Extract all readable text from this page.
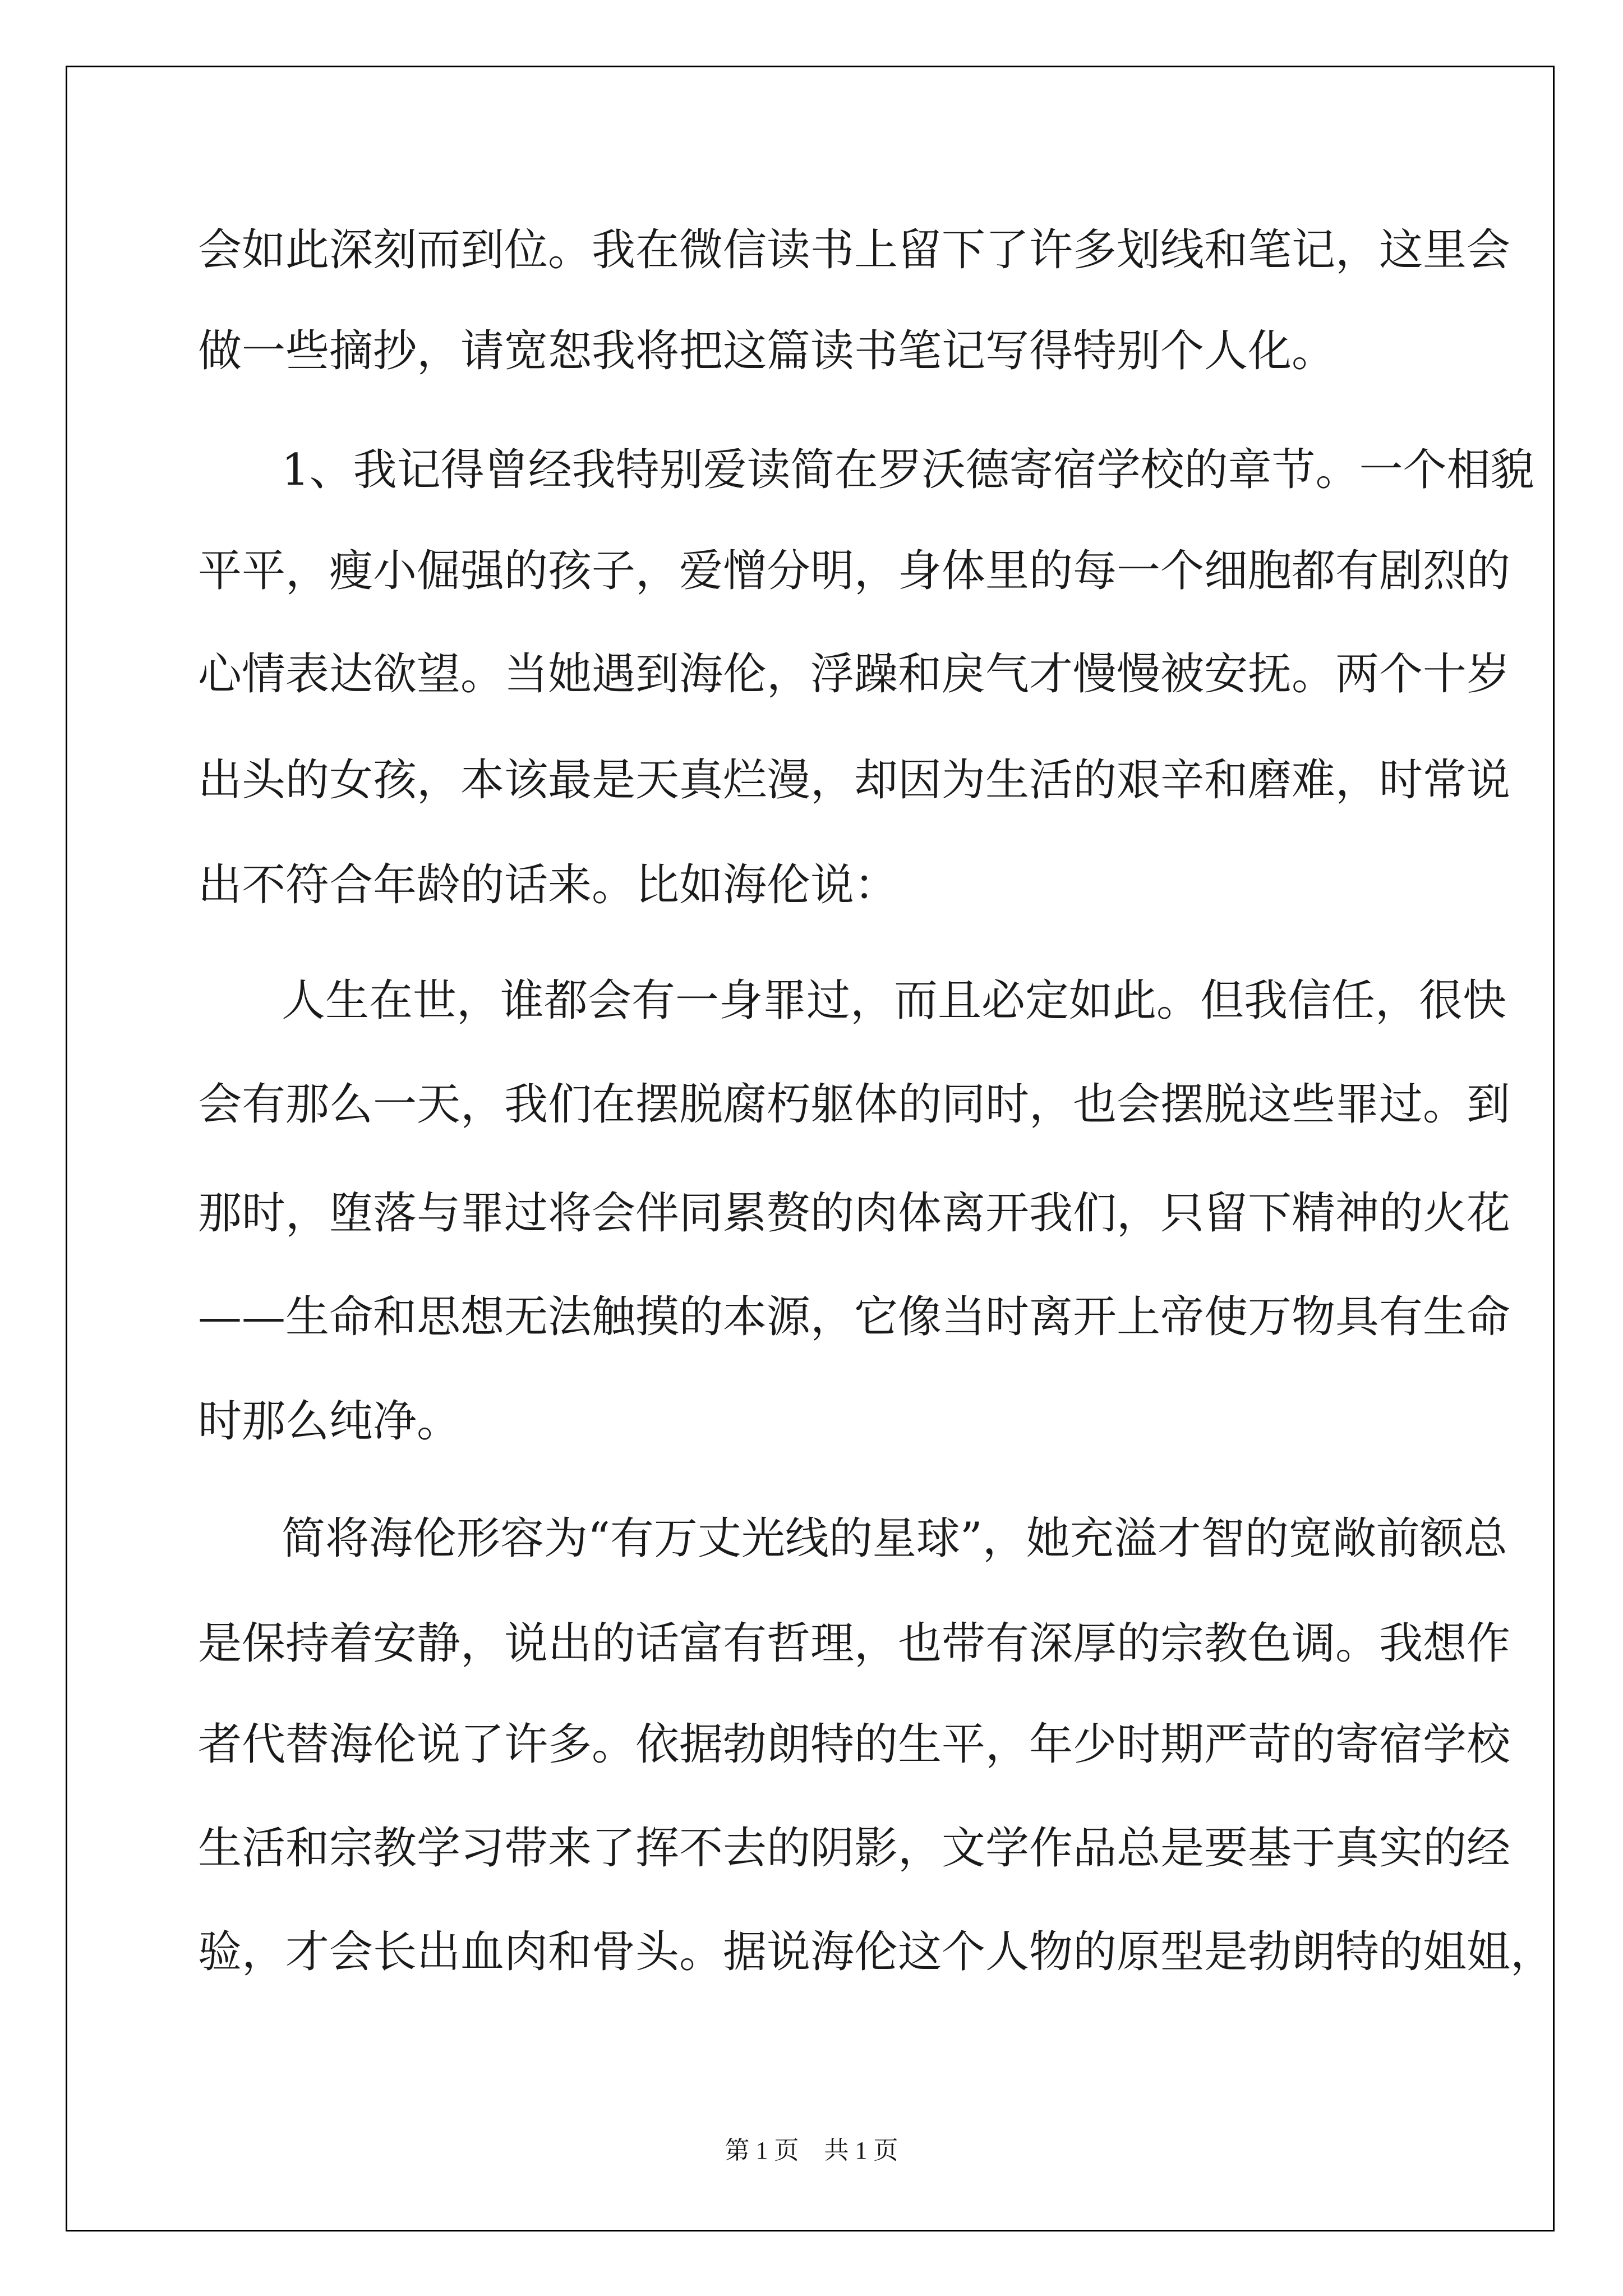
会如此深刻而到位。我在微信读书上留下了许多划线和笔记，这里会
做一些摘抄，请宽恕我将把这篇读书笔记写得特别个人化。
1、我记得曾经我特别爱读简在罗沃德寄宿学校的章节。一个相貌
平平，瘦小倔强的孩子，爱憎分明，身体里的每一个细胞都有剧烈的
心情表达欲望。当她遇到海伦，浮躁和戾气才慢慢被安抚。两个十岁
出头的女孩，本该最是天真烂漫，却因为生活的艰辛和磨难，时常说
出不符合年龄的话来。比如海伦说：
人生在世，谁都会有一身罪过，而且必定如此。但我信任，很快
会有那么一天，我们在摆脱腐朽躯体的同时，也会摆脱这些罪过。到
那时，堕落与罪过将会伴同累赘的肉体离开我们，只留下精神的火花
——生命和思想无法触摸的本源，它像当时离开上帝使万物具有生命
时那么纯净。
简将海伦形容为“有万丈光线的星球”，她充溢才智的宽敞前额总
是保持着安静，说出的话富有哲理，也带有深厚的宗教色调。我想作
者代替海伦说了许多。依据勃朗特的生平，年少时期严苛的寄宿学校
生活和宗教学习带来了挥不去的阴影，文学作品总是要基于真实的经
验，才会长出血肉和骨头。据说海伦这个人物的原型是勃朗特的姐姐，
第 1 页 共 1 页
